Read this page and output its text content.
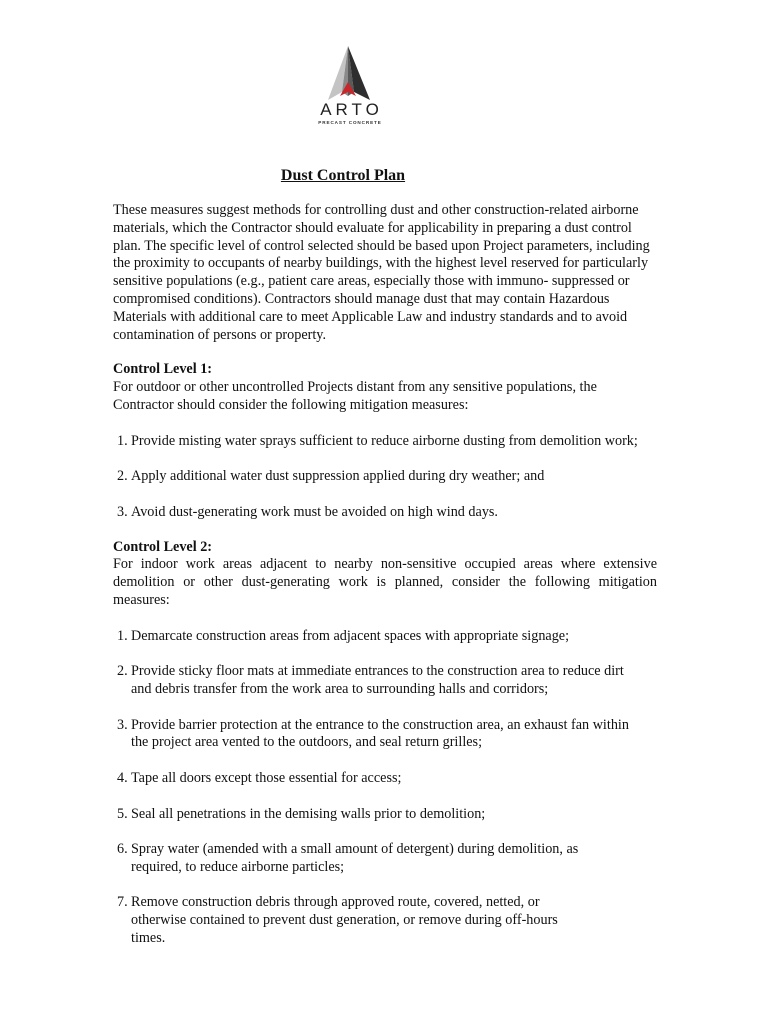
ARTO
PRECAST CONCRETE
Dust Control Plan

These measures suggest methods for controlling dust and other construction-related airborne materials, which the Contractor should evaluate for applicability in preparing a dust control plan. The specific level of control selected should be based upon Project parameters, including the proximity to occupants of nearby buildings, with the highest level reserved for particularly sensitive populations (e.g., patient care areas, especially those with immuno- suppressed or compromised conditions). Contractors should manage dust that may contain Hazardous Materials with additional care to meet Applicable Law and industry standards and to avoid contamination of persons or property.

Control Level 1:

For outdoor or other uncontrolled Projects distant from any sensitive populations, the Contractor should consider the following mitigation measures:

1. Provide misting water sprays sufficient to reduce airborne dusting from demolition work;
2. Apply additional water dust suppression applied during dry weather; and
3. Avoid dust-generating work must be avoided on high wind days.

Control Level 2:

For indoor work areas adjacent to nearby non-sensitive occupied areas where extensive demolition or other dust-generating work is planned, consider the following mitigation measures:

1. Demarcate construction areas from adjacent spaces with appropriate signage;
2. Provide sticky floor mats at immediate entrances to the construction area to reduce dirt and debris transfer from the work area to surrounding halls and corridors;
3. Provide barrier protection at the entrance to the construction area, an exhaust fan within the project area vented to the outdoors, and seal return grilles;
4. Tape all doors except those essential for access;
5. Seal all penetrations in the demising walls prior to demolition;
6. Spray water (amended with a small amount of detergent) during demolition, as required, to reduce airborne particles;
7. Remove construction debris through approved route, covered, netted, or otherwise contained to prevent dust generation, or remove during off-hours times.
